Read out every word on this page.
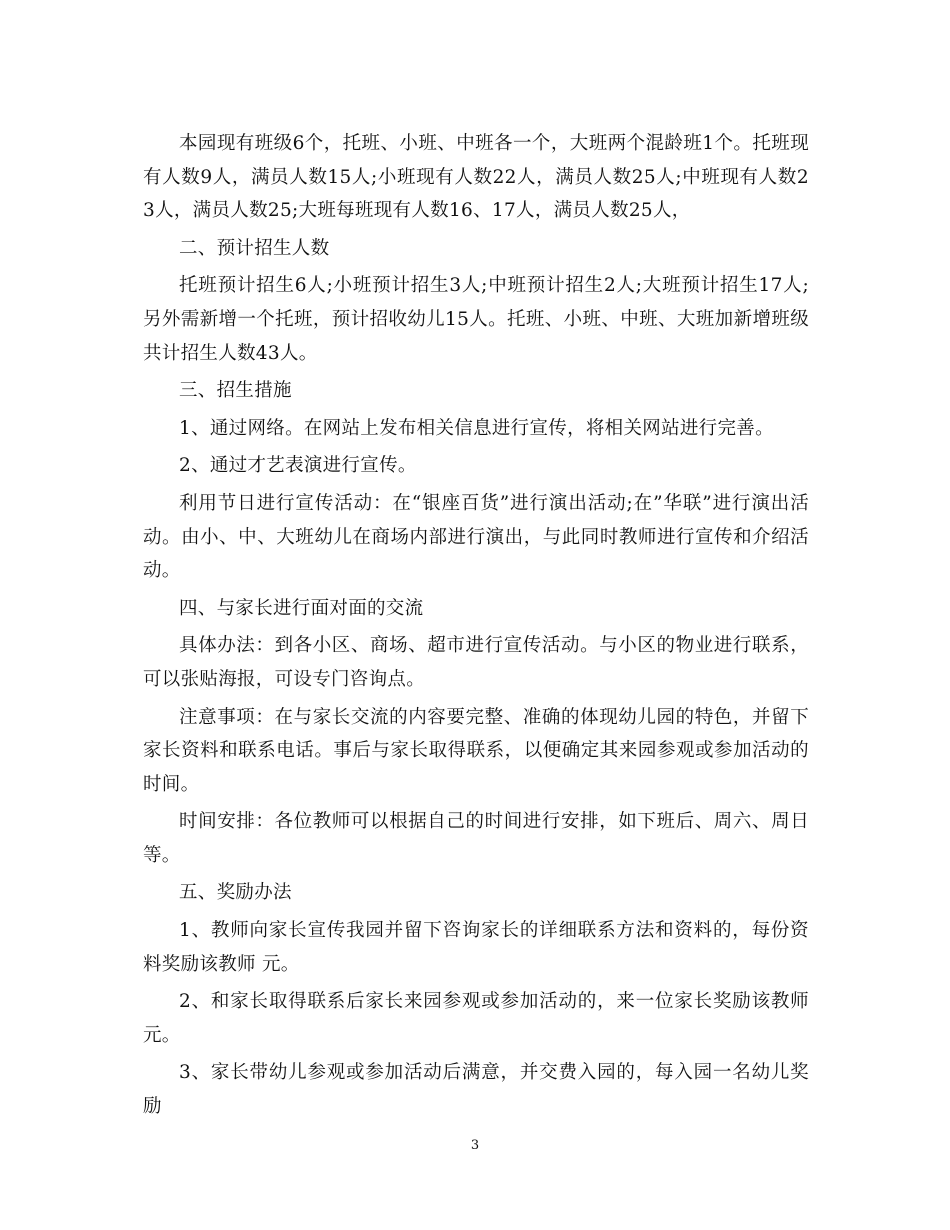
本园现有班级6个，托班、小班、中班各一个，大班两个混龄班1个。托班现有人数9人，满员人数15人;小班现有人数22人，满员人数25人;中班现有人数23人，满员人数25;大班每班现有人数16、17人，满员人数25人，

二、预计招生人数

托班预计招生6人;小班预计招生3人;中班预计招生2人;大班预计招生17人;另外需新增一个托班，预计招收幼儿15人。托班、小班、中班、大班加新增班级共计招生人数43人。

三、招生措施

1、通过网络。在网站上发布相关信息进行宣传，将相关网站进行完善。

2、通过才艺表演进行宣传。

利用节日进行宣传活动：在“银座百货”进行演出活动;在”华联”进行演出活动。由小、中、大班幼儿在商场内部进行演出，与此同时教师进行宣传和介绍活动。

四、与家长进行面对面的交流

具体办法：到各小区、商场、超市进行宣传活动。与小区的物业进行联系，可以张贴海报，可设专门咨询点。

注意事项：在与家长交流的内容要完整、准确的体现幼儿园的特色，并留下家长资料和联系电话。事后与家长取得联系，以便确定其来园参观或参加活动的时间。

时间安排：各位教师可以根据自己的时间进行安排，如下班后、周六、周日等。

五、奖励办法

1、教师向家长宣传我园并留下咨询家长的详细联系方法和资料的，每份资料奖励该教师 元。

2、和家长取得联系后家长来园参观或参加活动的，来一位家长奖励该教师 元。

3、家长带幼儿参观或参加活动后满意，并交费入园的，每入园一名幼儿奖励

3
